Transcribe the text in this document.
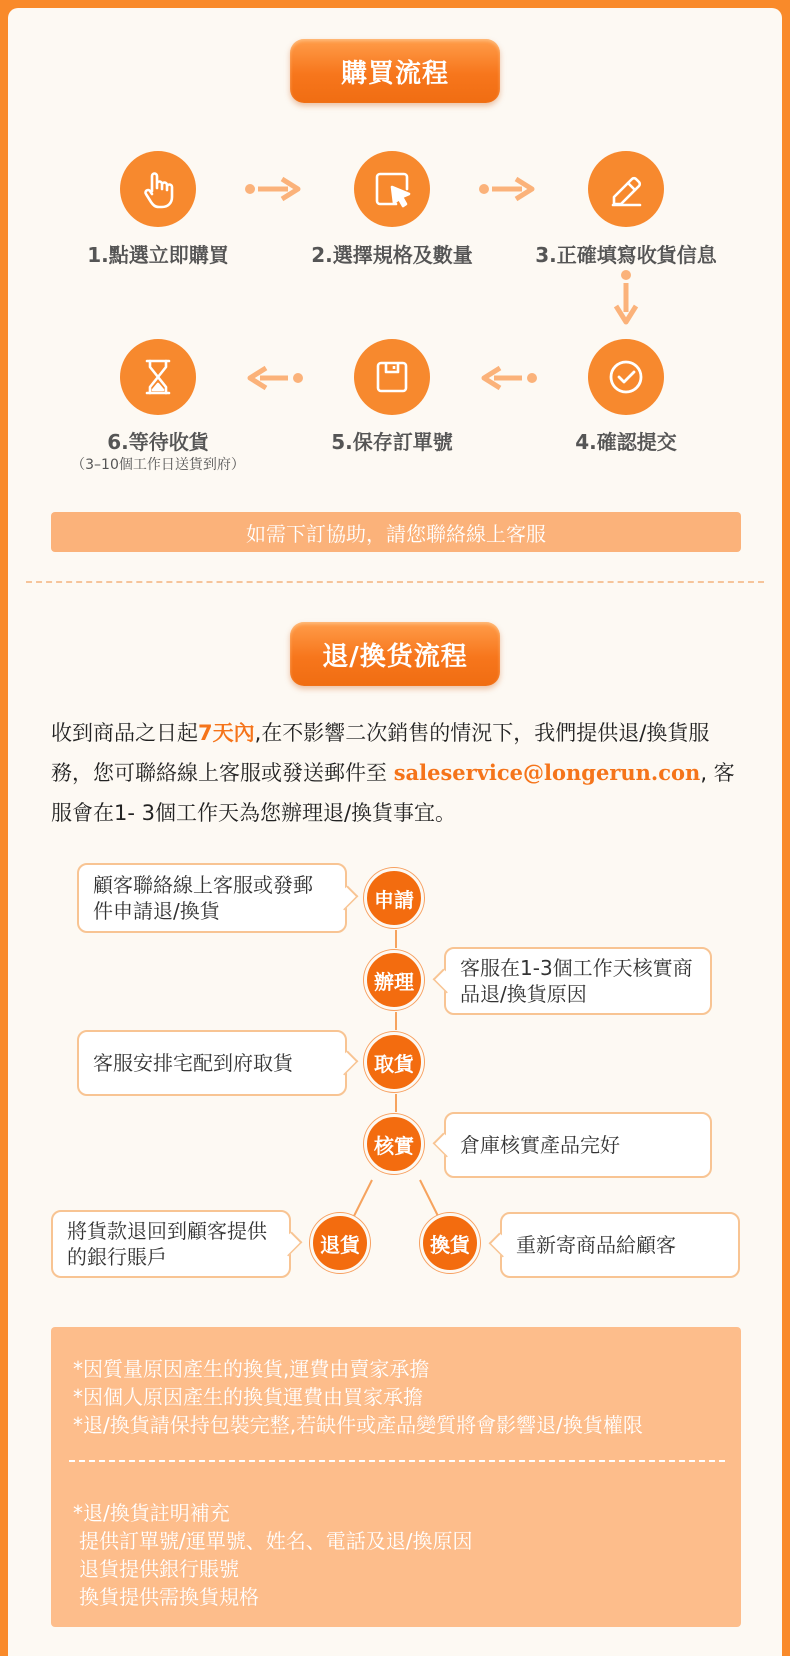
購買流程
1.點選立即購買	2.選擇規格及數量	3.正確填寫收貨信息
6.等待收貨
（3–10個工作日送貨到府）
5.保存訂單號	4.確認提交
如需下訂協助，請您聯絡線上客服
退/換货流程
收到商品之日起7天內,在不影響二次銷售的情況下，我們提供退/換貨服務，您可聯絡線上客服或發送郵件至 saleservice@longerun.con, 客服會在1- 3個工作天為您辦理退/換貨事宜。
申請
辦理
取貨
核實
退貨	換貨
顧客聯絡線上客服或發郵件申請退/換貨
客服在1-3個工作天核實商品退/換貨原因
客服安排宅配到府取貨
倉庫核實產品完好
將貨款退回到顧客提供的銀行賬戶	重新寄商品給顧客
*因質量原因產生的換貨,運費由賣家承擔
*因個人原因產生的換貨運費由買家承擔
*退/換貨請保持包裝完整,若缺件或產品變質將會影響退/換貨權限
*退/換貨註明補充
提供訂單號/運單號、姓名、電話及退/換原因
退貨提供銀行賬號
換貨提供需換貨規格
